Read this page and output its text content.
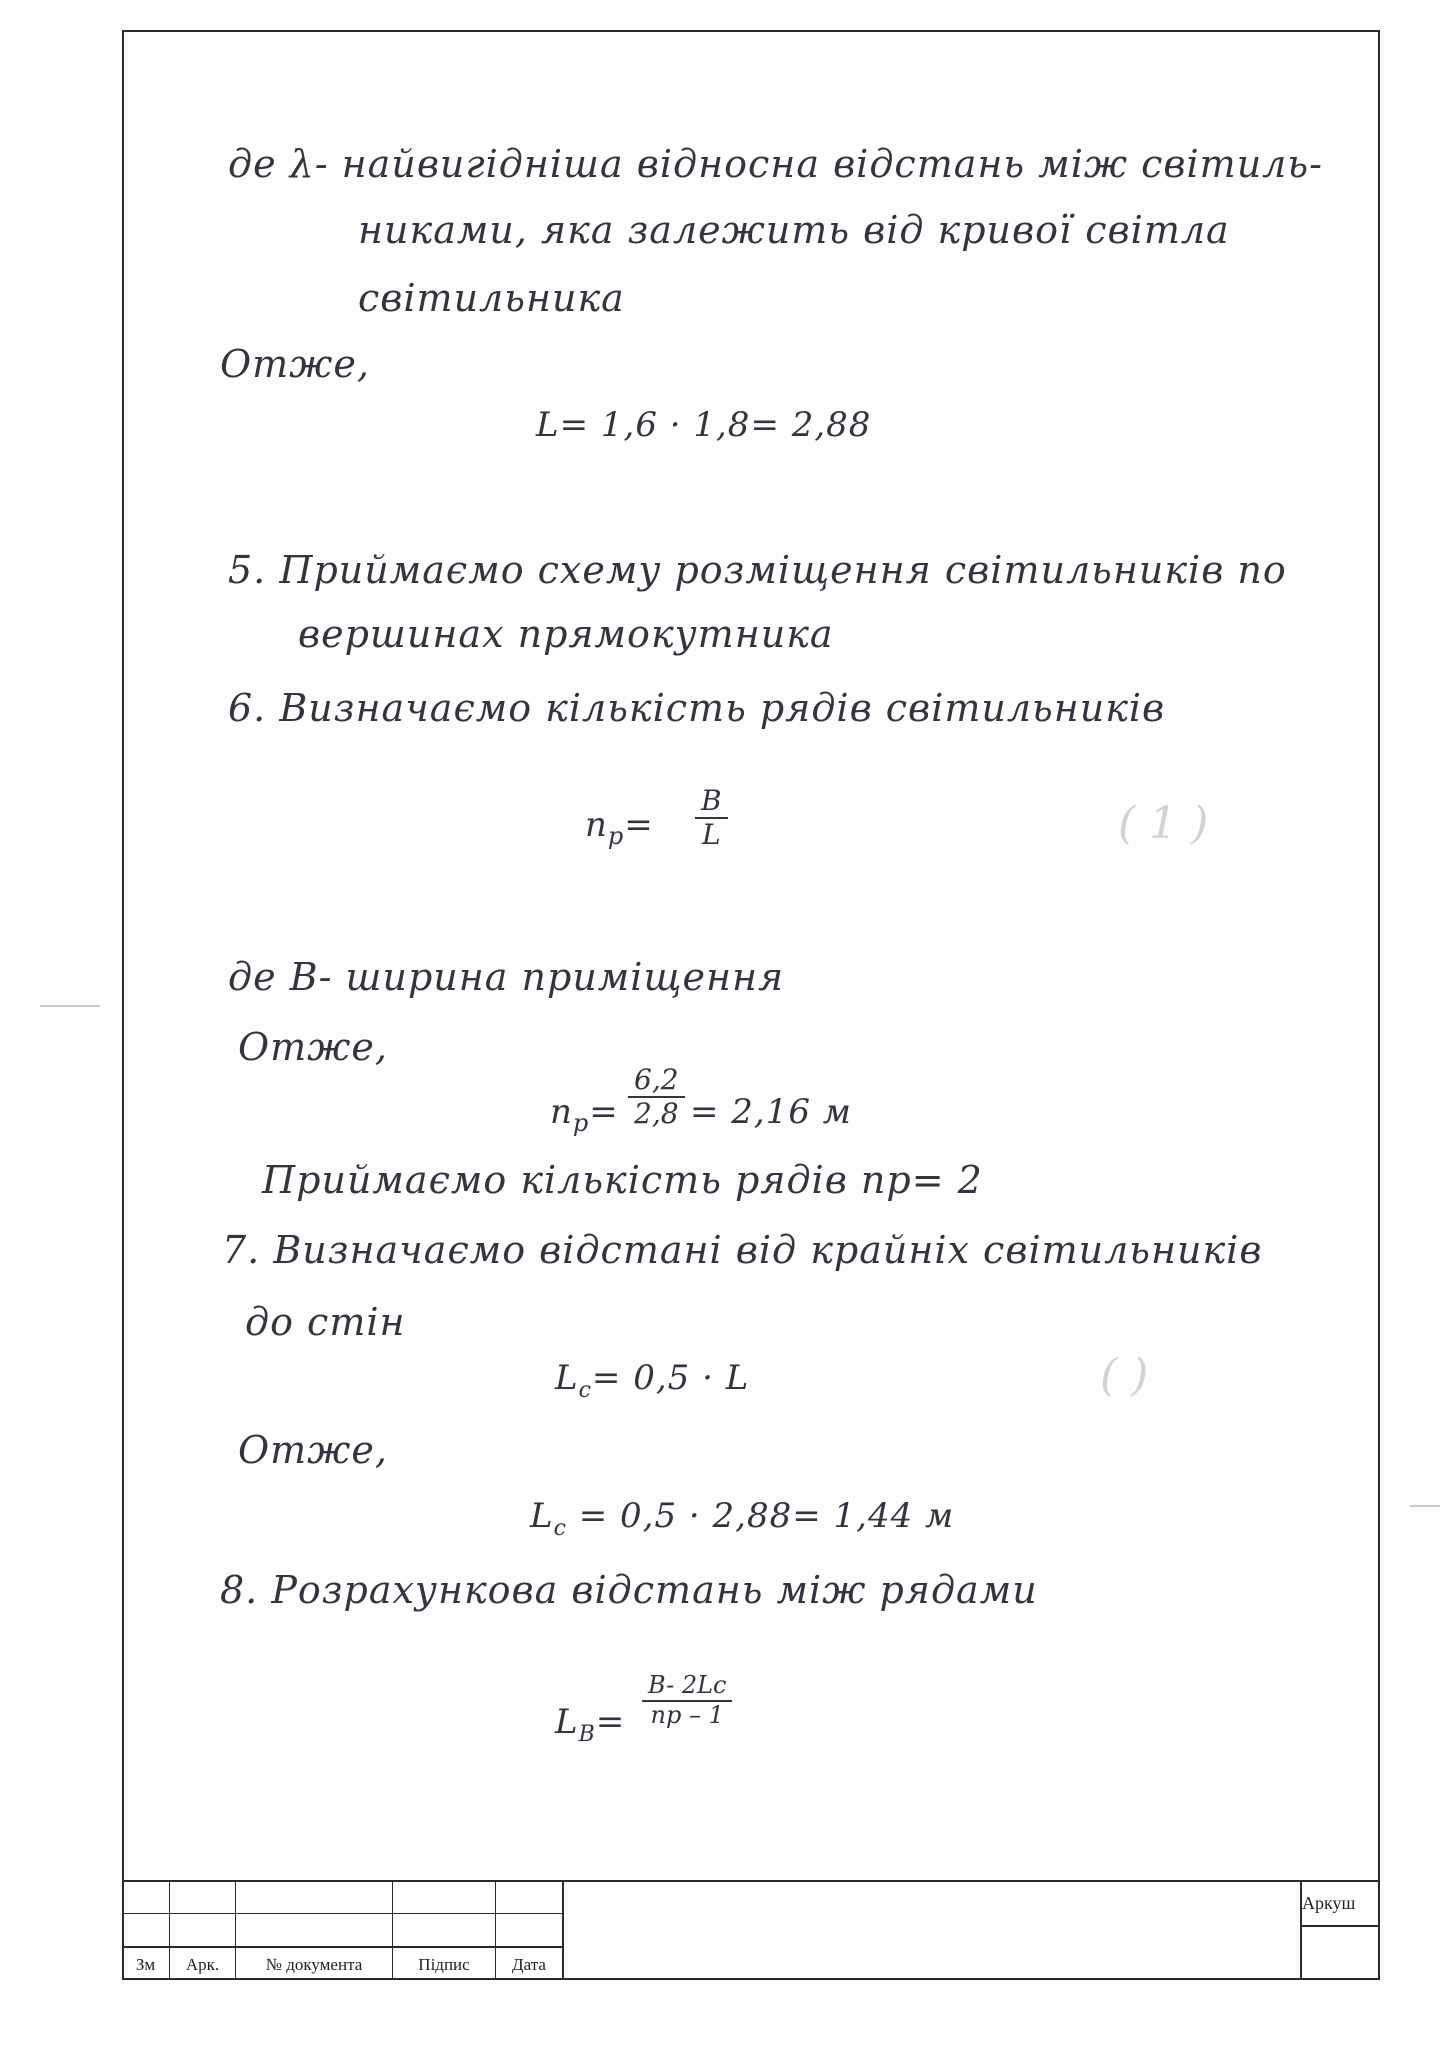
де λ- найвигідніша відносна відстань між світиль-
никами, яка залежить від кривої світла
світильника
Отже,
L= 1,6 · 1,8= 2,88
5. Приймаємо схему розміщення світильників по
вершинах прямокутника
6. Визначаємо кількість рядів світильників
$n_р=$
B
L	( 1 )
де В- ширина приміщення
Отже,
$n_р=$
6,2
2,8 = 2,16 м
Приймаємо кількість рядів nр= 2
7. Визначаємо відстані від крайніх світильників
до стін
$L_с= 0,5 \cdot L$	( )
Отже,
$L_с = 0,5 \cdot 2,88= 1,44$ м
8. Розрахункова відстань між рядами
$L_В=$
B- 2Lс
nр – 1
Зм	Арк.	№ документа	Підпис	Дата
Аркуш
